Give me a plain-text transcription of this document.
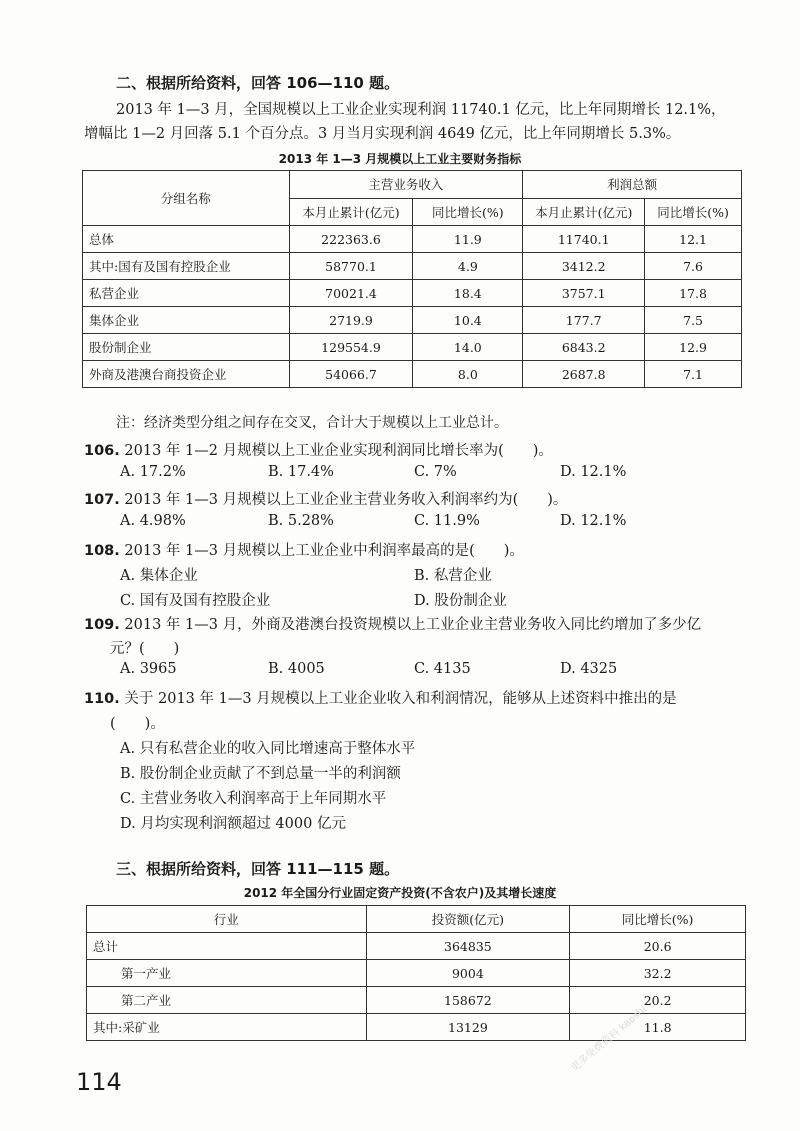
二、根据所给资料，回答 106—110 题。
2013 年 1—3 月，全国规模以上工业企业实现利润 11740.1 亿元，比上年同期增长 12.1%，
增幅比 1—2 月回落 5.1 个百分点。3 月当月实现利润 4649 亿元，比上年同期增长 5.3%。
2013 年 1—3 月规模以上工业主要财务指标
分组名称	主营业务收入		利润总额	
	本月止累计(亿元)	同比增长(%)	本月止累计(亿元)	同比增长(%)
总体	222363.6	11.9	11740.1	12.1
其中:国有及国有控股企业	58770.1	4.9	3412.2	7.6
私营企业	70021.4	18.4	3757.1	17.8
集体企业	2719.9	10.4	177.7	7.5
股份制企业	129554.9	14.0	6843.2	12.9
外商及港澳台商投资企业	54066.7	8.0	2687.8	7.1
注：经济类型分组之间存在交叉，合计大于规模以上工业总计。
106. 2013 年 1—2 月规模以上工业企业实现利润同比增长率为(　　)。
A. 17.2%	B. 17.4%	C. 7%	D. 12.1%
107. 2013 年 1—3 月规模以上工业企业主营业务收入利润率约为(　　)。
A. 4.98%	B. 5.28%	C. 11.9%	D. 12.1%
108. 2013 年 1—3 月规模以上工业企业中利润率最高的是(　　)。
A. 集体企业	B. 私营企业
C. 国有及国有控股企业	D. 股份制企业
109. 2013 年 1—3 月，外商及港澳台投资规模以上工业企业主营业务收入同比约增加了多少亿
元？(　　)
A. 3965	B. 4005	C. 4135	D. 4325
110. 关于 2013 年 1—3 月规模以上工业企业收入和利润情况，能够从上述资料中推出的是
(　　)。
A. 只有私营企业的收入同比增速高于整体水平
B. 股份制企业贡献了不到总量一半的利润额
C. 主营业务收入利润率高于上年同期水平
D. 月均实现利润额超过 4000 亿元
三、根据所给资料，回答 111—115 题。
2012 年全国分行业固定资产投资(不含农户)及其增长速度
行业	投资额(亿元)	同比增长(%)
总计	364835	20.6
第一产业	9004	32.2
第二产业	158672	20.2
其中:采矿业	13129	11.8
114
更多免费资料 kaoshi
